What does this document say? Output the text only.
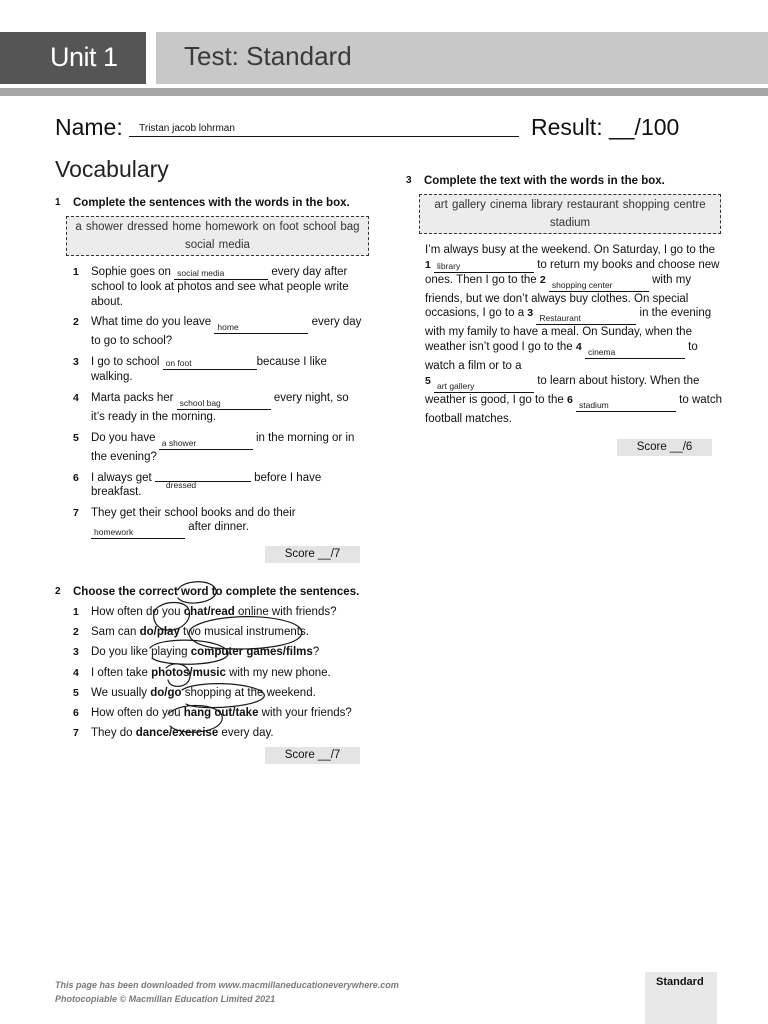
Unit 1	Test: Standard
Name: Tristan jacob lohrman	Result: __/100
Vocabulary
1 Complete the sentences with the words in the box.
a shower dressed home homework on foot school bag social media
1 Sophie goes on social media	every day after school to look at photos and see what people write about.
2 What time do you leave home	every day to go to school?
3 I go to school on foot	because I like walking.
4 Marta packs her school bag	every night, so it’s ready in the morning.
5 Do you have a shower	in the morning or in the evening?
6 I always get dressed before I have breakfast.
7 They get their school books and do their homework	after dinner.
Score __/7
2 Choose the correct word to complete the sentences.
1 How often do you chat/read online with friends?
2 Sam can do/play two musical instruments.
3 Do you like playing computer games/films?
4 I often take photos/music with my new phone.
5 We usually do/go shopping at the weekend.
6 How often do you hang out/take with your friends?
7 They do dance/exercise every day.
Score __/7
3 Complete the text with the words in the box.
art gallery cinema library restaurant shopping centre stadium
I’m always busy at the weekend. On Saturday, I go to the
1 library	to return my books and choose new ones. Then I go to the 2 shopping center	with my friends, but we don’t always buy clothes. On special occasions, I go to a 3 Restaurant	in the evening with my family to have a meal. On Sunday, when the weather isn’t good I go to the 4 cinema	to watch a film or to a
5 art gallery	to learn about history. When the weather is good, I go to the 6 stadium	to watch football matches.
Score __/6
This page has been downloaded from www.macmillaneducationeverywhere.com
Photocopiable © Macmillan Education Limited 2021
Standard
